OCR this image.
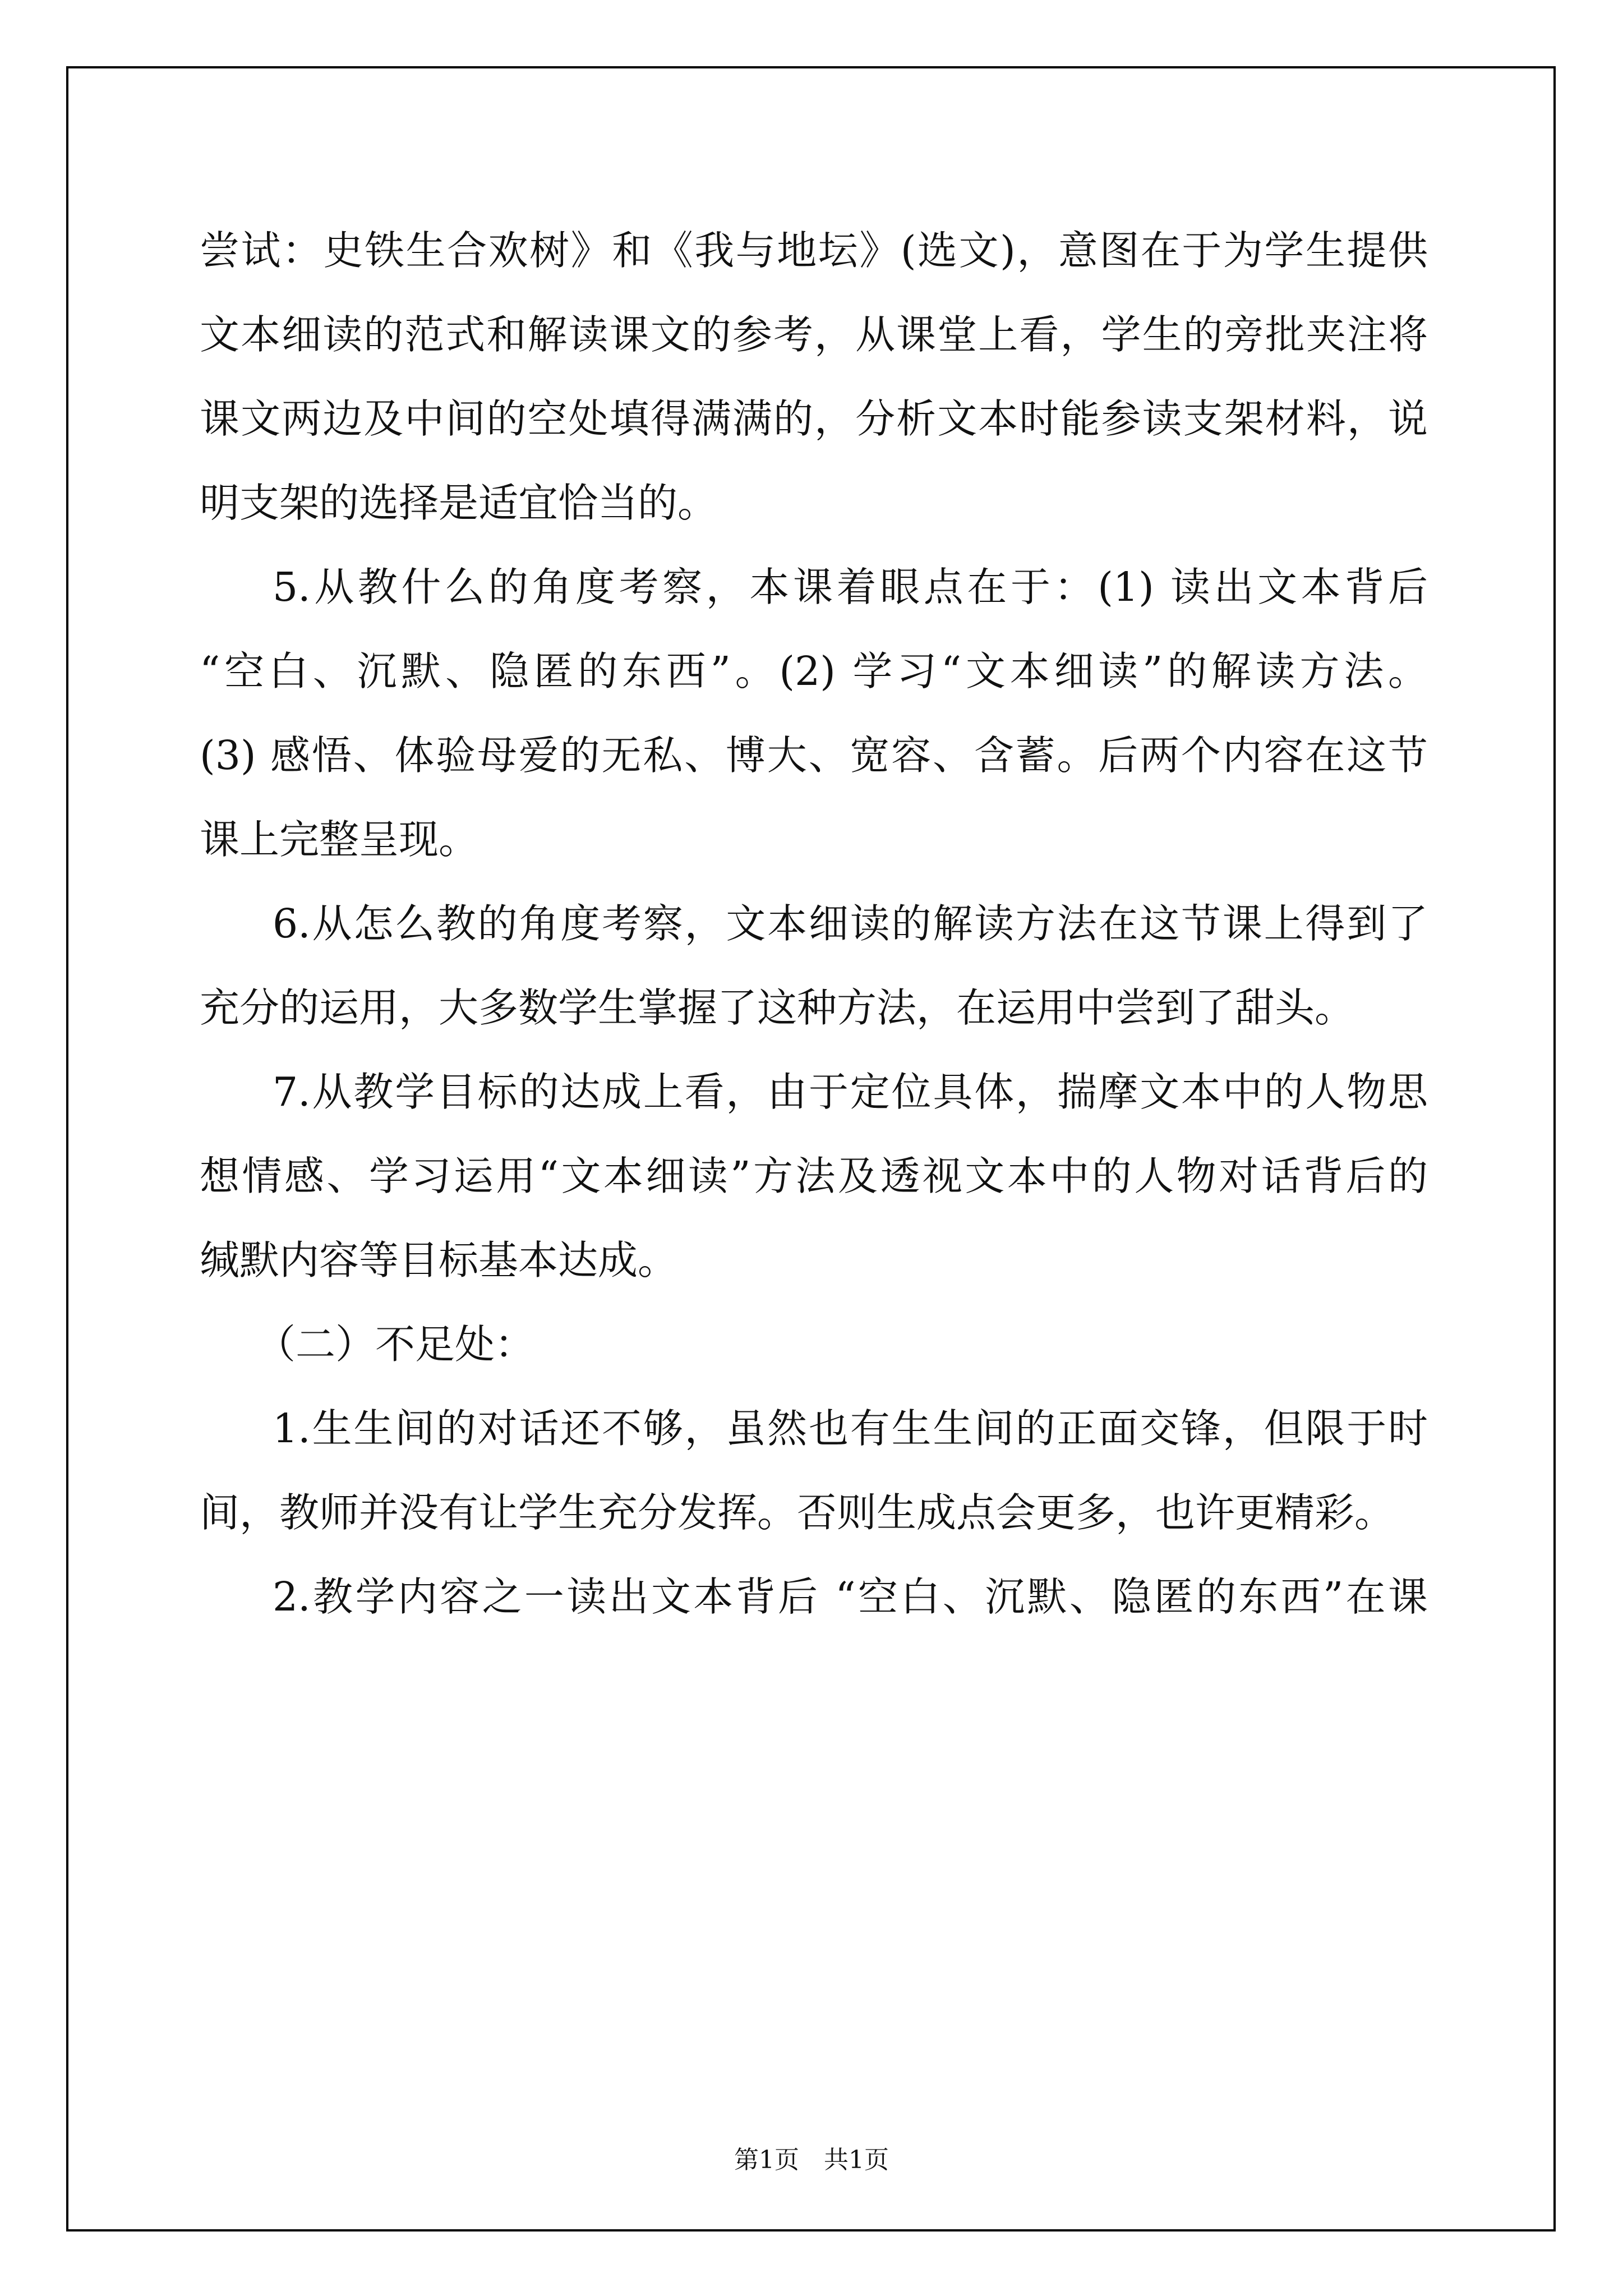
尝试：史铁生合欢树》和《我与地坛》(选文)，意图在于为学生提供
文本细读的范式和解读课文的参考，从课堂上看，学生的旁批夹注将
课文两边及中间的空处填得满满的，分析文本时能参读支架材料，说
明支架的选择是适宜恰当的。
5.从教什么的角度考察，本课着眼点在于：(1) 读出文本背后
“空白、沉默、隐匿的东西”。(2) 学习“文本细读”的解读方法。
(3) 感悟、体验母爱的无私、博大、宽容、含蓄。后两个内容在这节
课上完整呈现。
6.从怎么教的角度考察，文本细读的解读方法在这节课上得到了
充分的运用，大多数学生掌握了这种方法，在运用中尝到了甜头。
7.从教学目标的达成上看，由于定位具体，揣摩文本中的人物思
想情感、学习运用“文本细读”方法及透视文本中的人物对话背后的
缄默内容等目标基本达成。
（二）不足处：
1.生生间的对话还不够，虽然也有生生间的正面交锋，但限于时
间，教师并没有让学生充分发挥。否则生成点会更多，也许更精彩。
2.教学内容之一读出文本背后 “空白、沉默、隐匿的东西”在课
第1页　共1页
